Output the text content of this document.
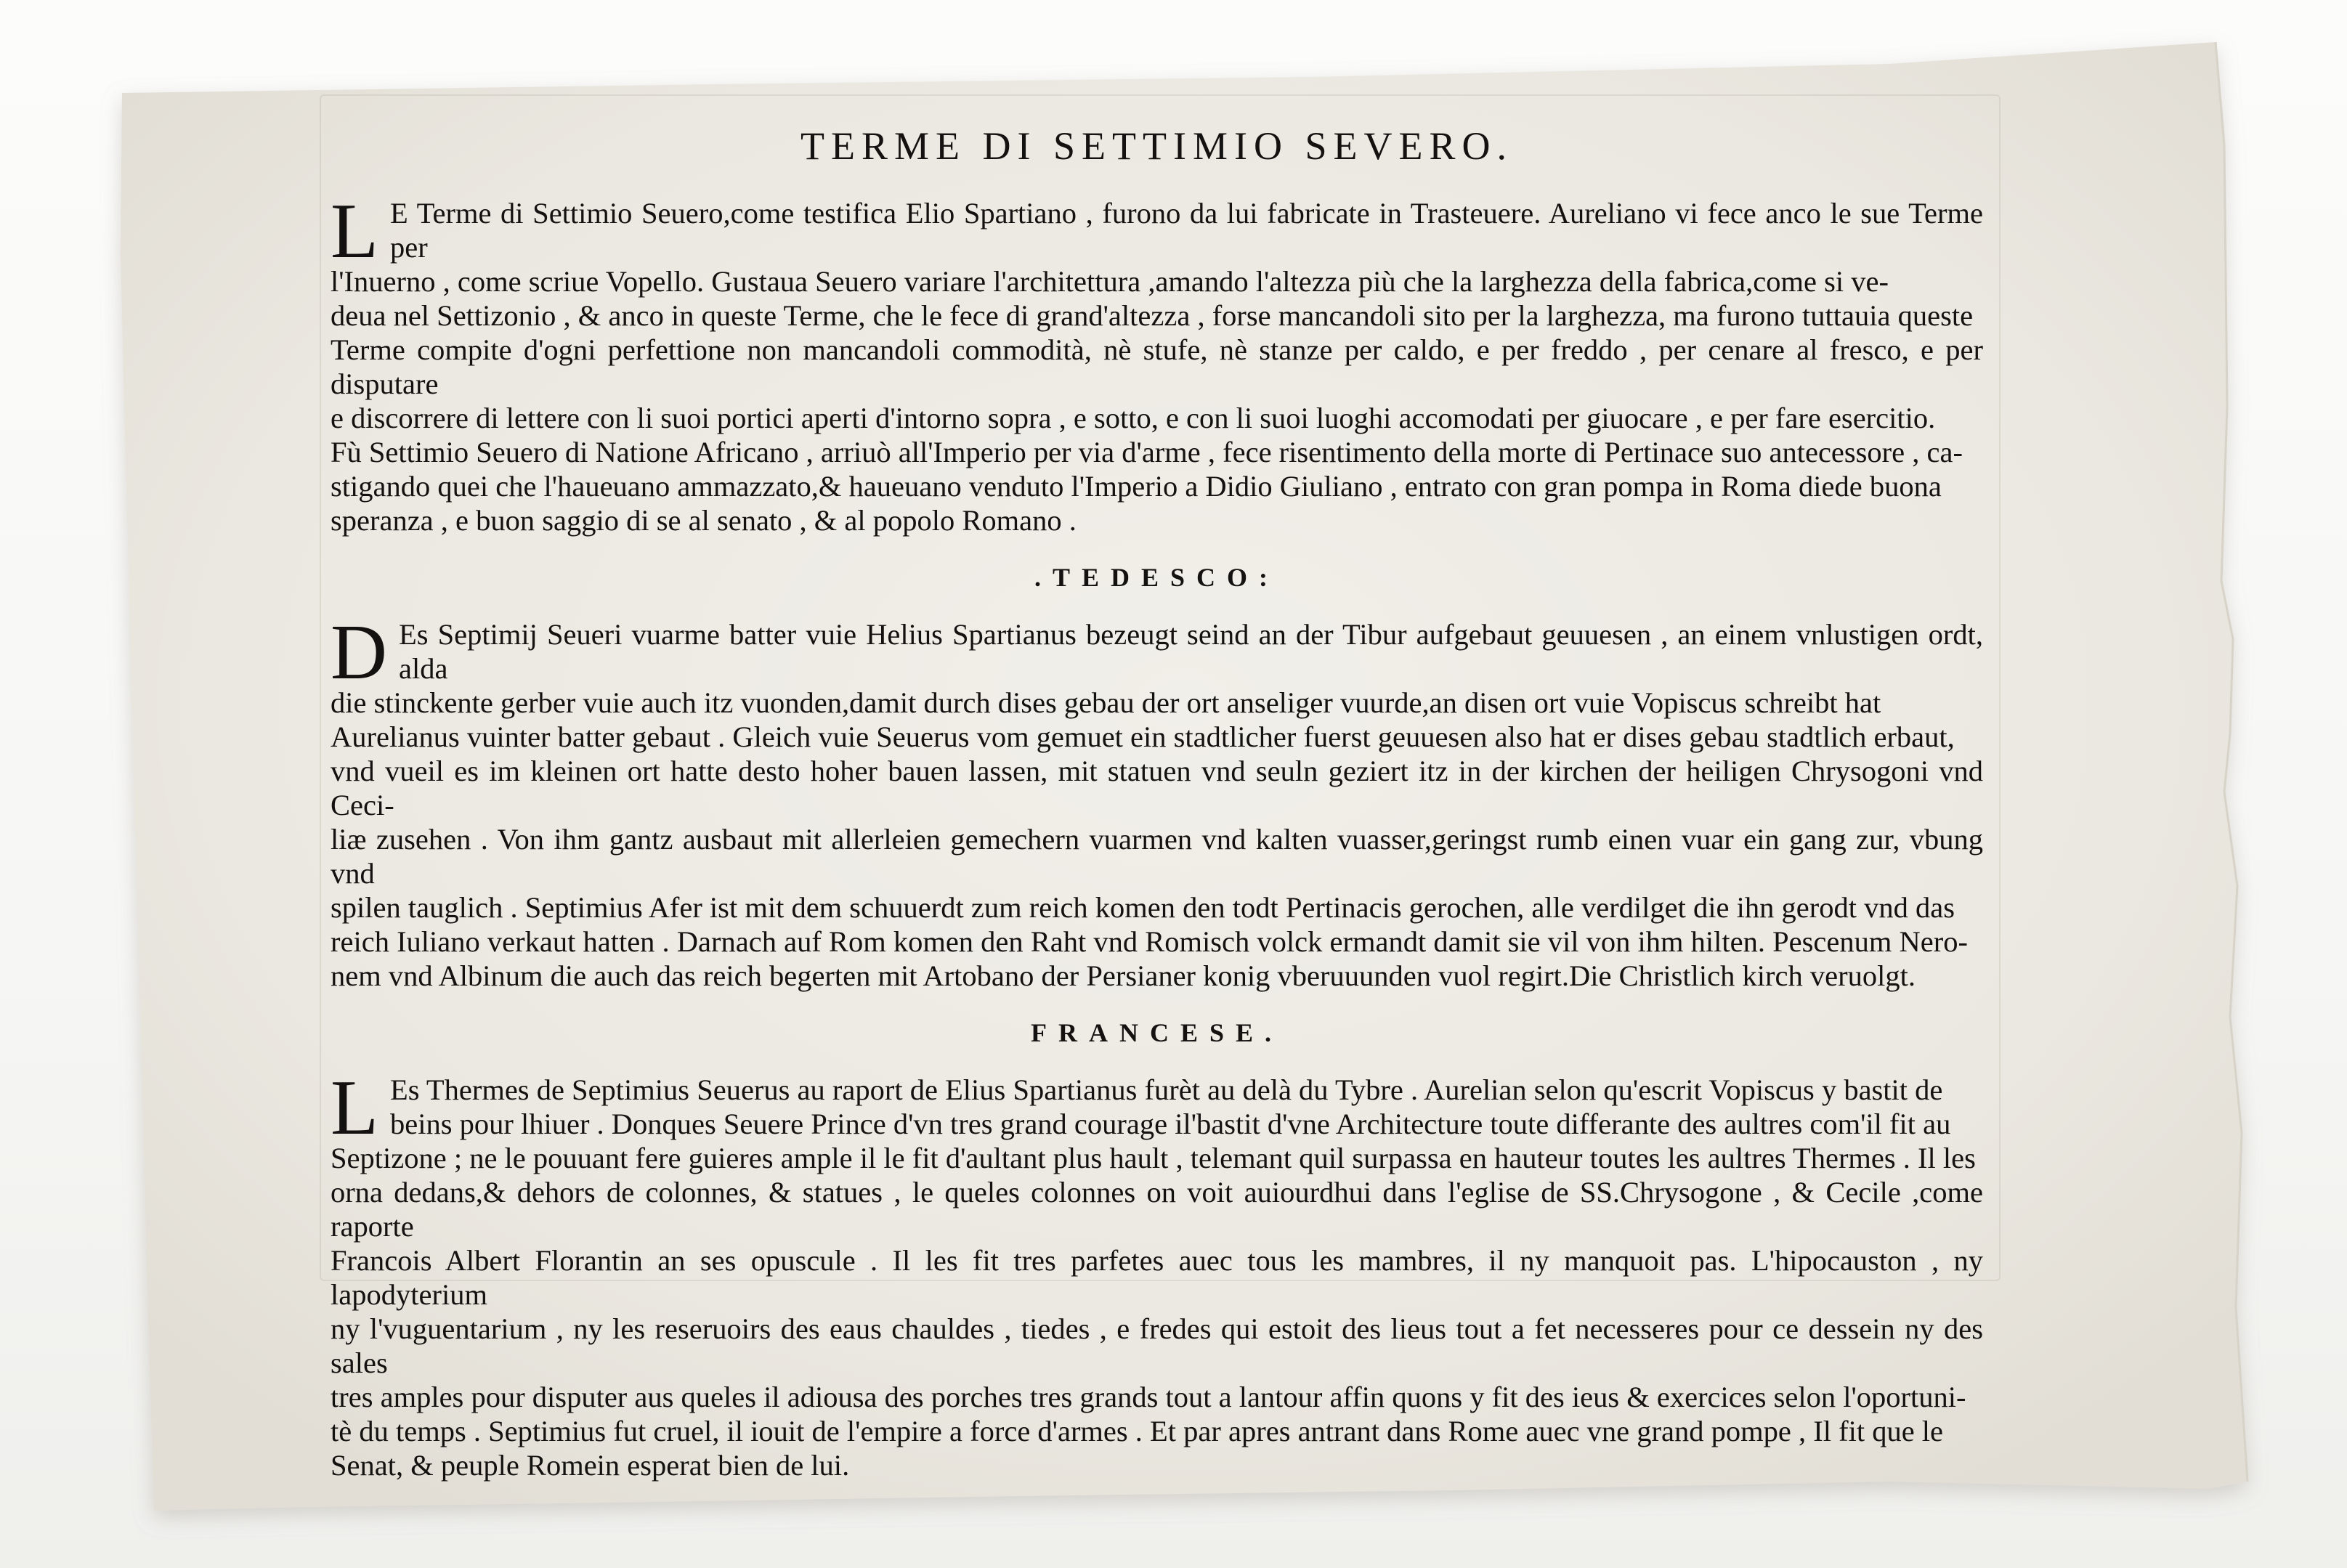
TERME DI SETTIMIO SEVERO.

L E Terme di Settimio Seuero,come testifica Elio Spartiano , furono da lui fabricate in Trasteuere. Aureliano vi fece anco le sue Terme per
l'Inuerno , come scriue Vopello. Gustaua Seuero variare l'architettura ,amando l'altezza più che la larghezza della fabrica,come si ve-
deua nel Settizonio , & anco in queste Terme, che le fece di grand'altezza , forse mancandoli sito per la larghezza, ma furono tuttauia queste
Terme compite d'ogni perfettione non mancandoli commodità, nè stufe, nè stanze per caldo, e per freddo , per cenare al fresco, e per disputare
e discorrere di lettere con li suoi portici aperti d'intorno sopra , e sotto, e con li suoi luoghi accomodati per giuocare , e per fare esercitio.
Fù Settimio Seuero di Natione Africano , arriuò all'Imperio per via d'arme , fece risentimento della morte di Pertinace suo antecessore , ca-
stigando quei che l'haueuano ammazzato,& haueuano venduto l'Imperio a Didio Giuliano , entrato con gran pompa in Roma diede buona
speranza , e buon saggio di se al senato , & al popolo Romano .

.TEDESCO:

D Es Septimij Seueri vuarme batter vuie Helius Spartianus bezeugt seind an der Tibur aufgebaut geuuesen , an einem vnlustigen ordt, alda
die stinckente gerber vuie auch itz vuonden,damit durch dises gebau der ort anseliger vuurde,an disen ort vuie Vopiscus schreibt hat
Aurelianus vuinter batter gebaut . Gleich vuie Seuerus vom gemuet ein stadtlicher fuerst geuuesen also hat er dises gebau stadtlich erbaut,
vnd vueil es im kleinen ort hatte desto hoher bauen lassen, mit statuen vnd seuln geziert itz in der kirchen der heiligen Chrysogoni vnd Ceci-
liæ zusehen . Von ihm gantz ausbaut mit allerleien gemechern vuarmen vnd kalten vuasser,geringst rumb einen vuar ein gang zur, vbung vnd
spilen tauglich . Septimius Afer ist mit dem schuuerdt zum reich komen den todt Pertinacis gerochen, alle verdilget die ihn gerodt vnd das
reich Iuliano verkaut hatten . Darnach auf Rom komen den Raht vnd Romisch volck ermandt damit sie vil von ihm hilten. Pescenum Nero-
nem vnd Albinum die auch das reich begerten mit Artobano der Persianer konig vberuuunden vuol regirt.Die Christlich kirch veruolgt.

FRANCESE.

L Es Thermes de Septimius Seuerus au raport de Elius Spartianus furèt au delà du Tybre . Aurelian selon qu'escrit Vopiscus y bastit de
beins pour lhiuer . Donques Seuere Prince d'vn tres grand courage il'bastit d'vne Architecture toute differante des aultres com'il fit au
Septizone ; ne le pouuant fere guieres ample il le fit d'aultant plus hault , telemant quil surpassa en hauteur toutes les aultres Thermes . Il les
orna dedans,& dehors de colonnes, & statues , le queles colonnes on voit auiourdhui dans l'eglise de SS.Chrysogone , & Cecile ,come raporte
Francois Albert Florantin an ses opuscule . Il les fit tres parfetes auec tous les mambres, il ny manquoit pas. L'hipocauston , ny lapodyterium
ny l'vuguentarium , ny les reseruoirs des eaus chauldes , tiedes , e fredes qui estoit des lieus tout a fet necesseres pour ce dessein ny des sales
tres amples pour disputer aus queles il adiousa des porches tres grands tout a lantour affin quons y fit des ieus & exercices selon l'oportuni-
tè du temps . Septimius fut cruel, il iouit de l'empire a force d'armes . Et par apres antrant dans Rome auec vne grand pompe , Il fit que le
Senat, & peuple Romein esperat bien de lui.
